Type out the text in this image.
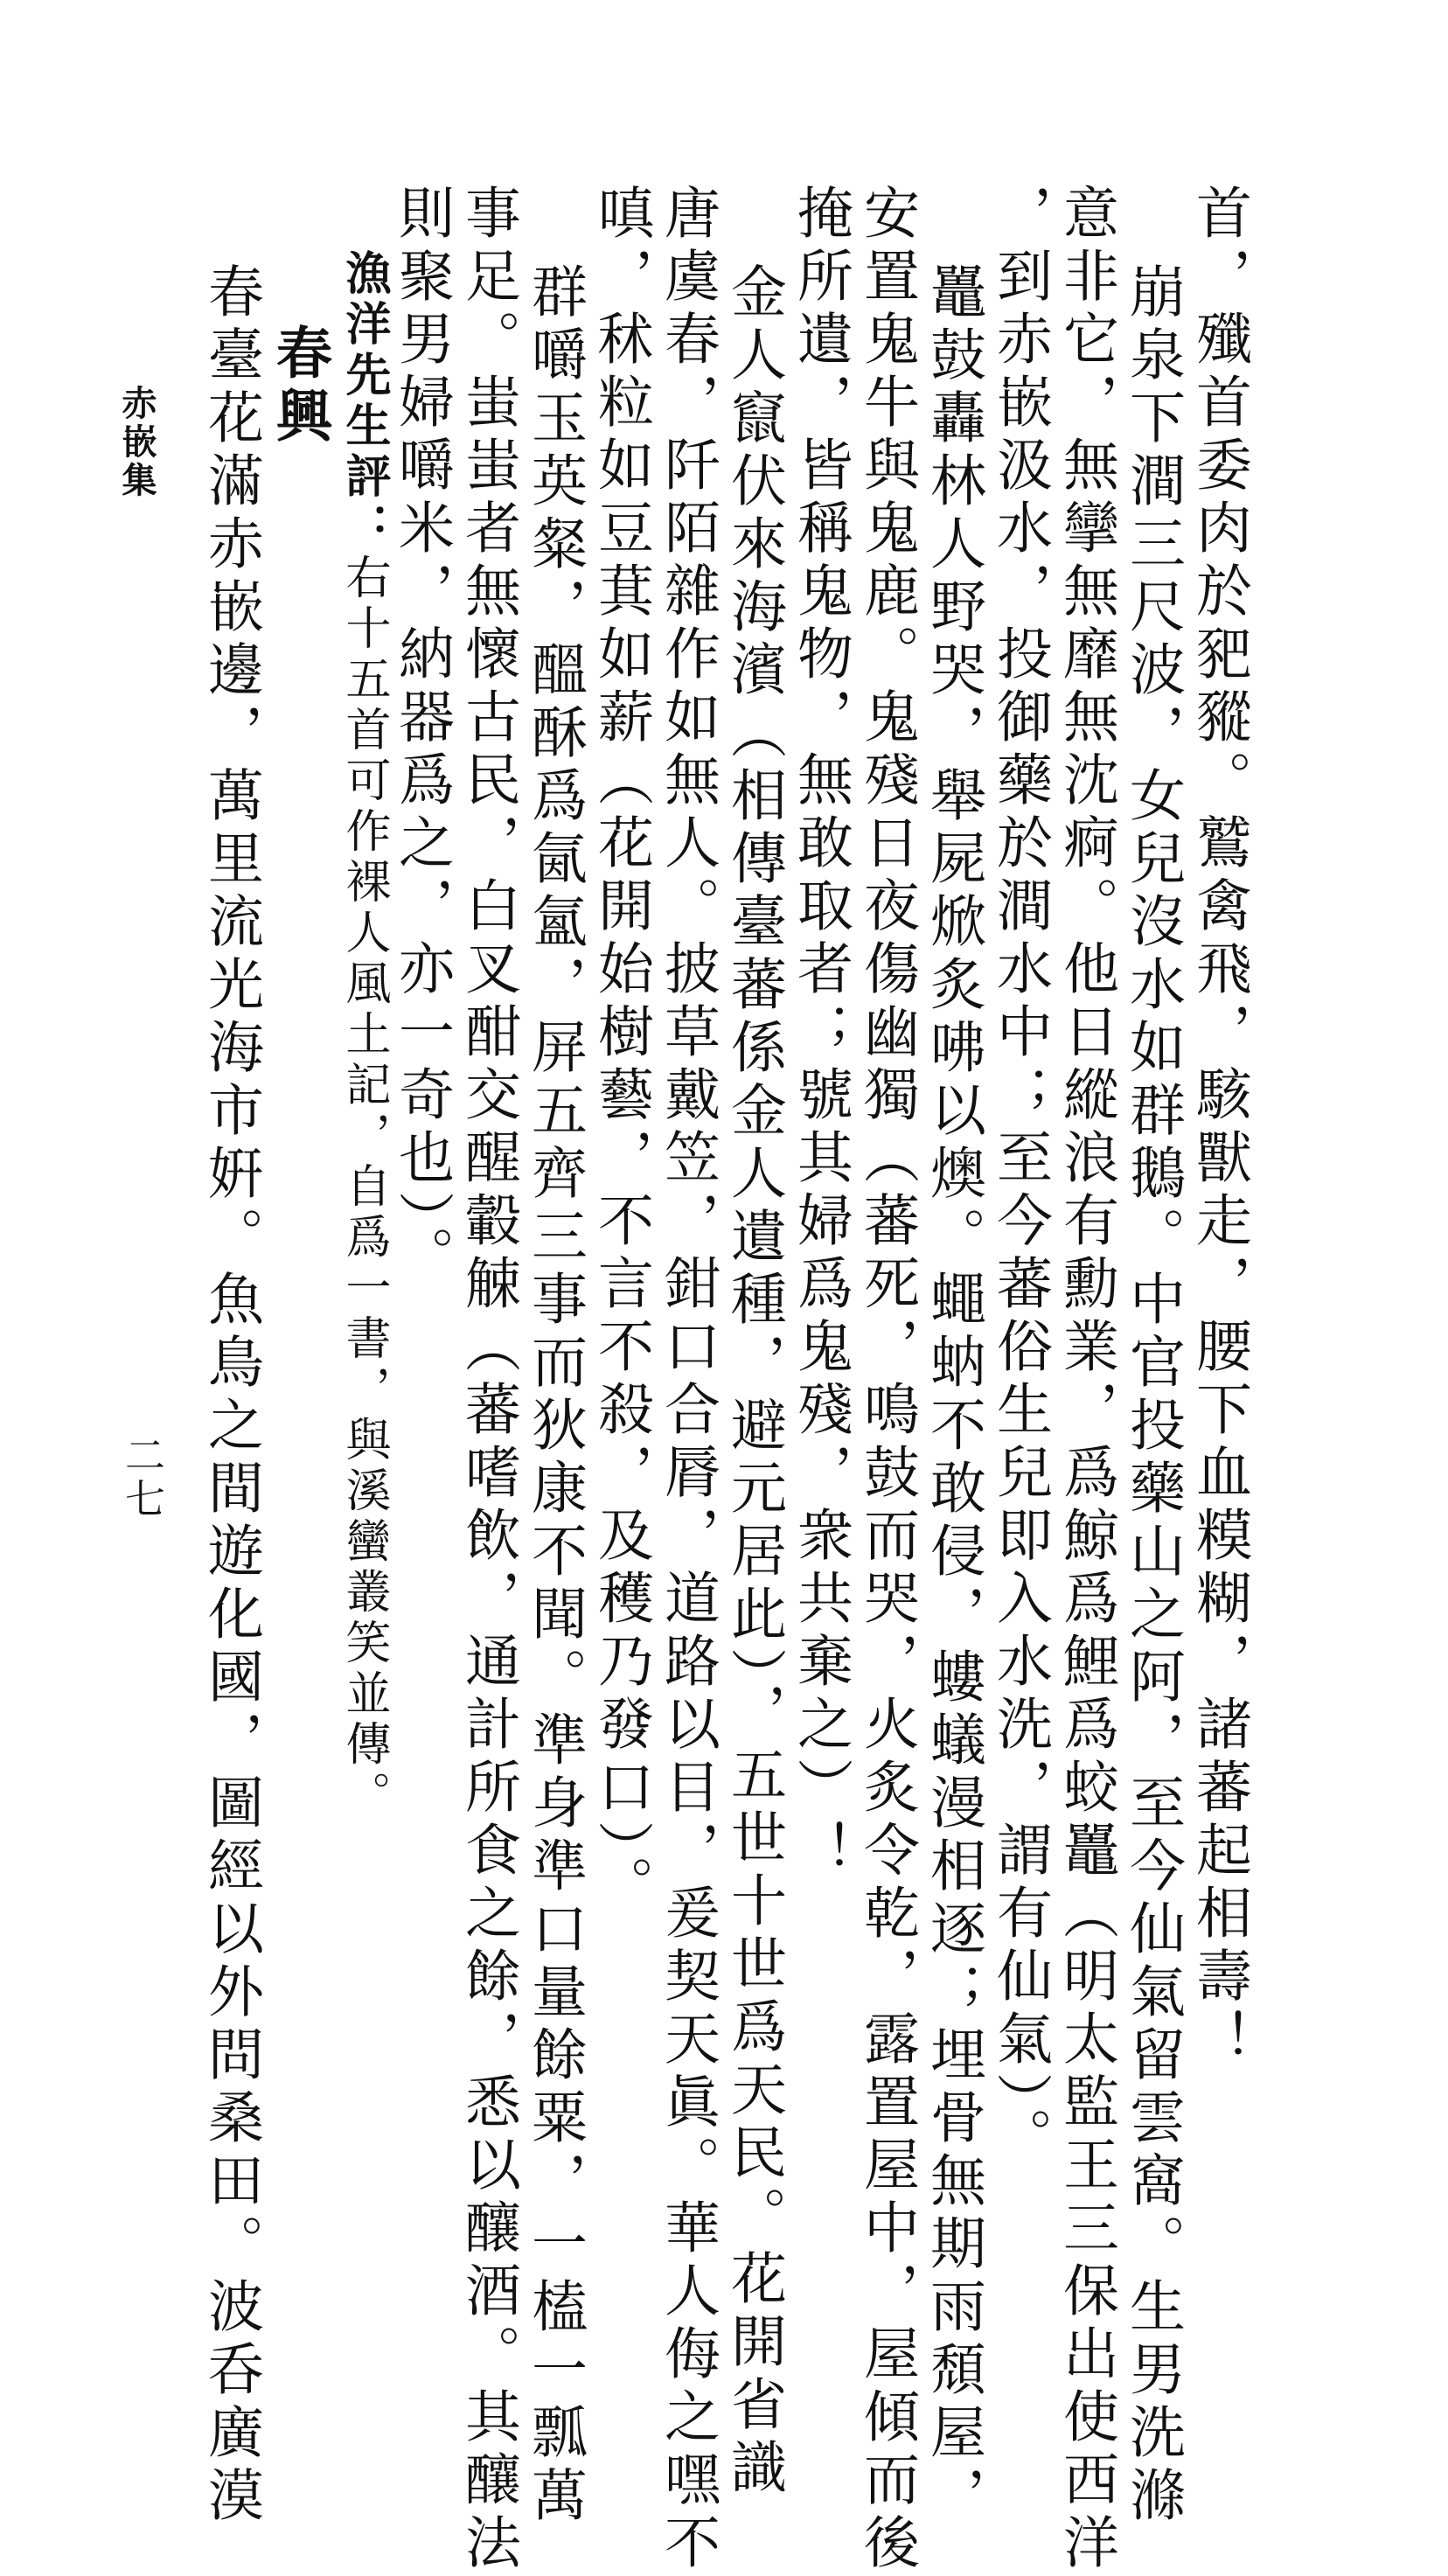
首，殲首委肉於豝豵。鷲禽飛，駭獸走，腰下血糢糊，諸蕃起相壽！
崩泉下澗三尺波，女兒沒水如群鵝。中官投藥山之阿，至今仙氣留雲窩。生男洗滌
意非它，無攣無靡無沈痾。他日縱浪有勳業，爲鯨爲鯉爲蛟鼉（明太監王三保出使西洋
，到赤嵌汲水，投御藥於澗水中；至今蕃俗生兒即入水洗，謂有仙氣）。
鼉鼓轟林人野哭，舉屍焮炙咈以燠。蠅蚋不敢侵，螻蟻漫相逐；埋骨無期雨頹屋，
安置鬼牛與鬼鹿。鬼殘日夜傷幽獨（蕃死，鳴鼓而哭，火炙令乾，露置屋中，屋傾而後
掩所遺，皆稱鬼物，無敢取者；號其婦爲鬼殘，衆共棄之）！
金人竄伏來海濱（相傳臺蕃係金人遺種，避元居此），五世十世爲天民。花開省識
唐虞春，阡陌雜作如無人。披草戴笠，鉗口合脣，道路以目，爰契天眞。華人侮之嘿不
嗔，秫粒如豆萁如薪（花開始樹藝，不言不殺，及穫乃發口）。
群嚼玉英粲，醞酥爲氤氳，屏五齊三事而狄康不聞。準身準口量餘粟，一榼一瓢萬
事足。蚩蚩者無懷古民，白叉酣交醒轂觫（蕃嗜飲，通計所食之餘，悉以釀酒。其釀法
則聚男婦嚼米，納器爲之，亦一奇也）。
漁洋先生評：右十五首可作裸人風土記，自爲一書，與溪蠻叢笑並傳。
春興
春臺花滿赤嵌邊，萬里流光海市姸。魚鳥之間遊化國，圖經以外問桑田。波呑廣漠
赤嵌集
二七
